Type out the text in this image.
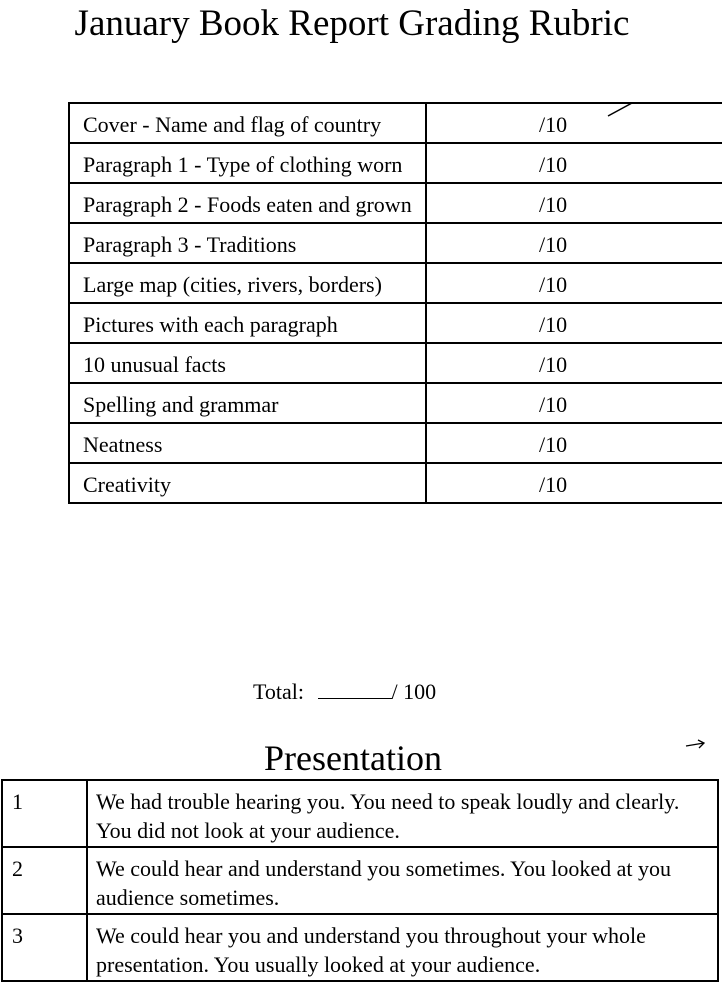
January Book Report Grading Rubric
Cover - Name and flag of country	/10
Paragraph 1 - Type of clothing worn	/10
Paragraph 2 - Foods eaten and grown	/10
Paragraph 3 - Traditions	/10
Large map (cities, rivers, borders)	/10
Pictures with each paragraph	/10
10 unusual facts	/10
Spelling and grammar	/10
Neatness	/10
Creativity	/10
Total:	/ 100
Presentation
1	We had trouble hearing you. You need to speak loudly and clearly. You did not look at your audience.
2	We could hear and understand you sometimes. You looked at you audience sometimes.
3	We could hear you and understand you throughout your whole presentation. You usually looked at your audience.
